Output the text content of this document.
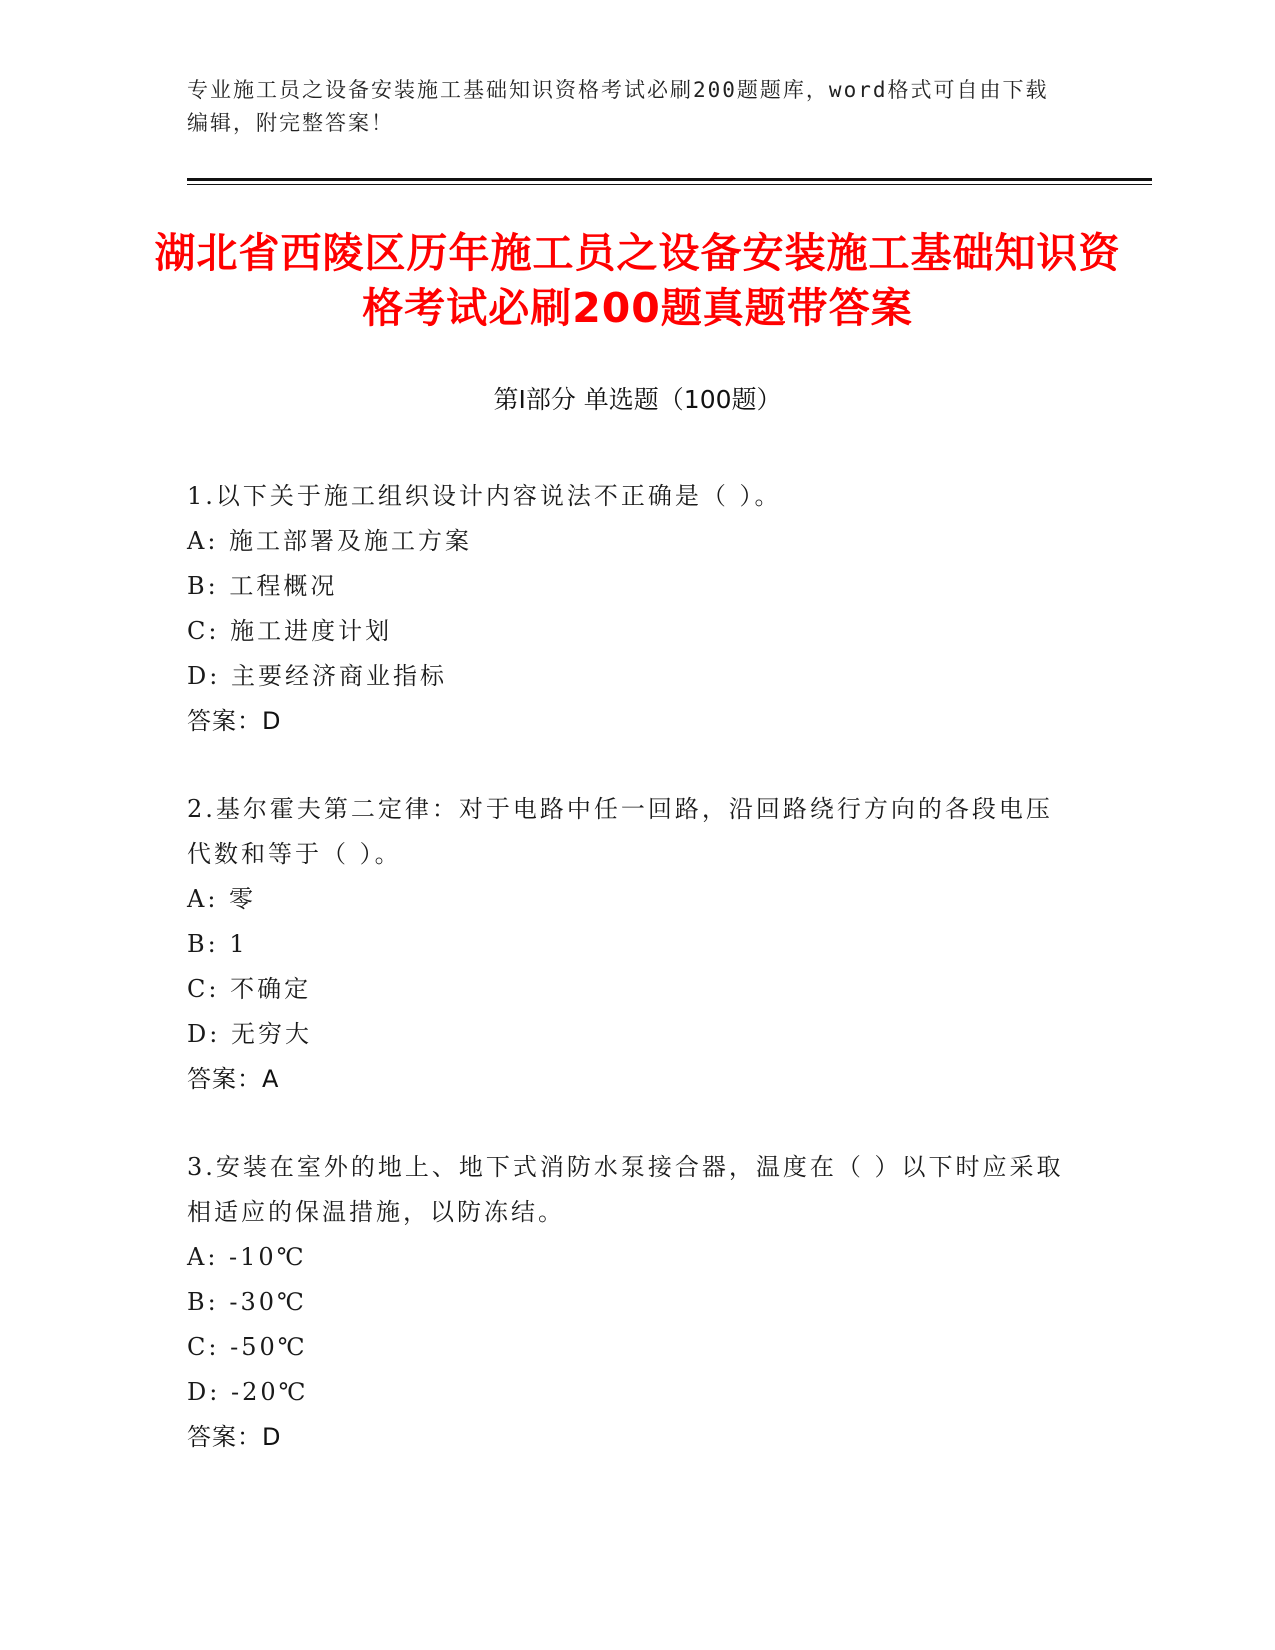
专业施工员之设备安装施工基础知识资格考试必刷200题题库，word格式可自由下载编辑，附完整答案！
湖北省西陵区历年施工员之设备安装施工基础知识资格考试必刷200题真题带答案
第Ⅰ部分 单选题（100题）
1.以下关于施工组织设计内容说法不正确是（ ）。
A: 施工部署及施工方案
B: 工程概况
C: 施工进度计划
D: 主要经济商业指标
答案：D
2.基尔霍夫第二定律：对于电路中任一回路，沿回路绕行方向的各段电压代数和等于（ ）。
A: 零
B: 1
C: 不确定
D: 无穷大
答案：A
3.安装在室外的地上、地下式消防水泵接合器，温度在（ ）以下时应采取相适应的保温措施，以防冻结。
A: -10℃
B: -30℃
C: -50℃
D: -20℃
答案：D
